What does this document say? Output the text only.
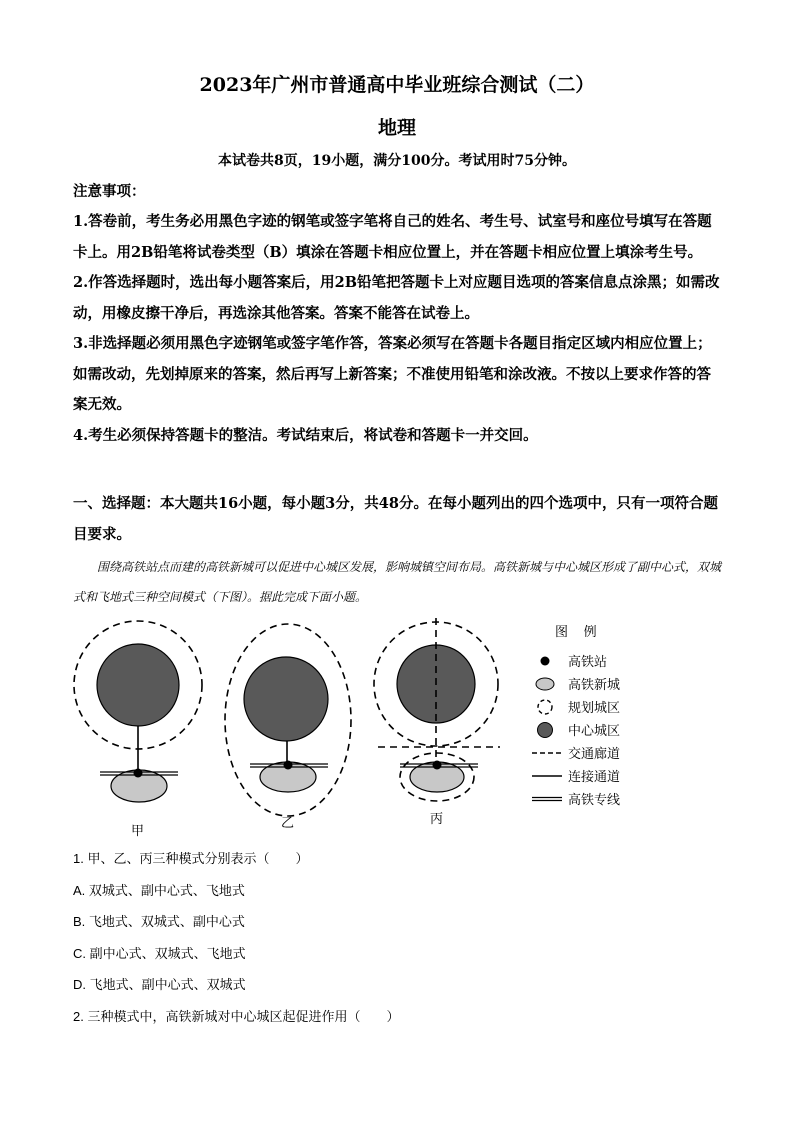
2023年广州市普通高中毕业班综合测试（二）
地理
本试卷共8页，19小题，满分100分。考试用时75分钟。
注意事项：

1.答卷前，考生务必用黑色字迹的钢笔或签字笔将自己的姓名、考生号、试室号和座位号填写在答题卡上。用2B铅笔将试卷类型（B）填涂在答题卡相应位置上，并在答题卡相应位置上填涂考生号。

2.作答选择题时，选出每小题答案后，用2B铅笔把答题卡上对应题目选项的答案信息点涂黑；如需改动，用橡皮擦干净后，再选涂其他答案。答案不能答在试卷上。

3.非选择题必须用黑色字迹钢笔或签字笔作答，答案必须写在答题卡各题目指定区域内相应位置上；如需改动，先划掉原来的答案，然后再写上新答案；不准使用铅笔和涂改液。不按以上要求作答的答案无效。

4.考生必须保持答题卡的整洁。考试结束后，将试卷和答题卡一并交回。

一、选择题：本大题共16小题，每小题3分，共48分。在每小题列出的四个选项中，只有一项符合题目要求。

围绕高铁站点而建的高铁新城可以促进中心城区发展，影响城镇空间布局。高铁新城与中心城区形成了副中心式，双城式和飞地式三种空间模式（下图）。据此完成下面小题。
甲
乙	丙
图 例
高铁站
高铁新城
规划城区
中心城区
交通廊道
连接通道
高铁专线

1. 甲、乙、丙三种模式分别表示（　　）

A. 双城式、副中心式、飞地式

B. 飞地式、双城式、副中心式

C. 副中心式、双城式、飞地式

D. 飞地式、副中心式、双城式

2. 三种模式中，高铁新城对中心城区起促进作用（　　）
